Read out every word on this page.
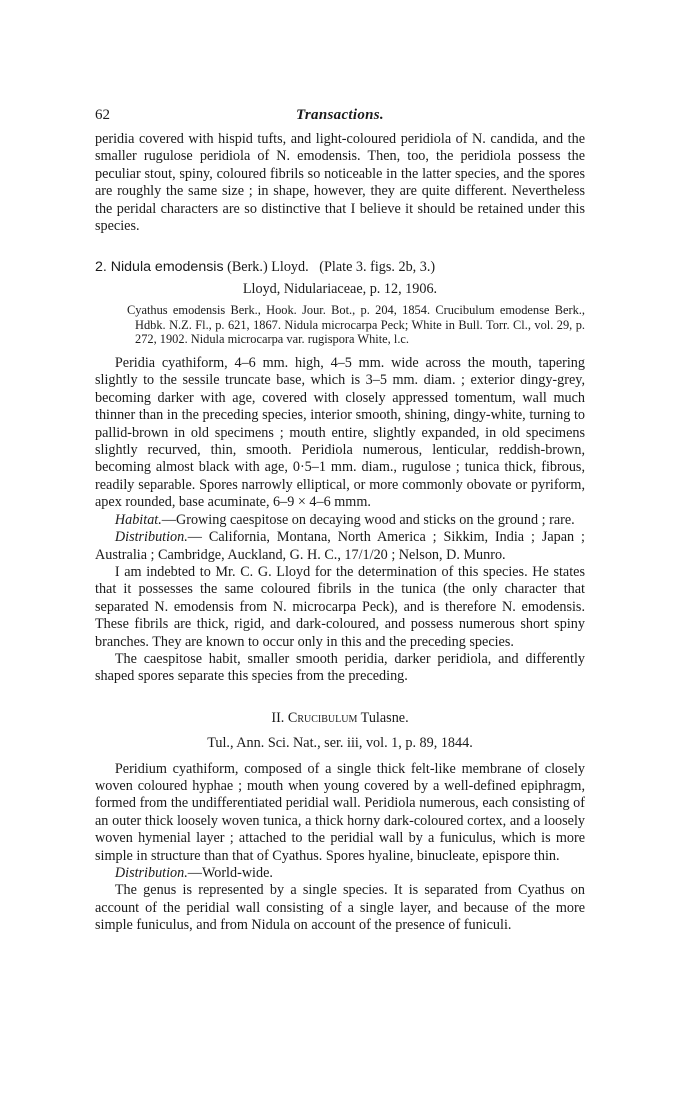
62	Transactions.

peridia covered with hispid tufts, and light-coloured peridiola of N. candida, and the smaller rugulose peridiola of N. emodensis. Then, too, the peridiola possess the peculiar stout, spiny, coloured fibrils so noticeable in the latter species, and the spores are roughly the same size ; in shape, however, they are quite different. Nevertheless the peridal characters are so distinctive that I believe it should be retained under this species.

2. Nidula emodensis (Berk.) Lloyd. (Plate 3. figs. 2b, 3.)

Lloyd, Nidulariaceae, p. 12, 1906.

Cyathus emodensis Berk., Hook. Jour. Bot., p. 204, 1854. Crucibulum emodense Berk., Hdbk. N.Z. Fl., p. 621, 1867. Nidula microcarpa Peck; White in Bull. Torr. Cl., vol. 29, p. 272, 1902. Nidula microcarpa var. rugispora White, l.c.

Peridia cyathiform, 4–6 mm. high, 4–5 mm. wide across the mouth, tapering slightly to the sessile truncate base, which is 3–5 mm. diam. ; exterior dingy-grey, becoming darker with age, covered with closely appressed tomentum, wall much thinner than in the preceding species, interior smooth, shining, dingy-white, turning to pallid-brown in old specimens ; mouth entire, slightly expanded, in old specimens slightly recurved, thin, smooth. Peridiola numerous, lenticular, reddish-brown, becoming almost black with age, 0·5–1 mm. diam., rugulose ; tunica thick, fibrous, readily separable. Spores narrowly elliptical, or more commonly obovate or pyriform, apex rounded, base acuminate, 6–9 × 4–6 mmm.

Habitat.—Growing caespitose on decaying wood and sticks on the ground ; rare.

Distribution.— California, Montana, North America ; Sikkim, India ; Japan ; Australia ; Cambridge, Auckland, G. H. C., 17/1/20 ; Nelson, D. Munro.

I am indebted to Mr. C. G. Lloyd for the determination of this species. He states that it possesses the same coloured fibrils in the tunica (the only character that separated N. emodensis from N. microcarpa Peck), and is therefore N. emodensis. These fibrils are thick, rigid, and dark-coloured, and possess numerous short spiny branches. They are known to occur only in this and the preceding species.

The caespitose habit, smaller smooth peridia, darker peridiola, and differently shaped spores separate this species from the preceding.

II. Crucibulum Tulasne.

Tul., Ann. Sci. Nat., ser. iii, vol. 1, p. 89, 1844.

Peridium cyathiform, composed of a single thick felt-like membrane of closely woven coloured hyphae ; mouth when young covered by a well-defined epiphragm, formed from the undifferentiated peridial wall. Peridiola numerous, each consisting of an outer thick loosely woven tunica, a thick horny dark-coloured cortex, and a loosely woven hymenial layer ; attached to the peridial wall by a funiculus, which is more simple in structure than that of Cyathus. Spores hyaline, binucleate, epispore thin.

Distribution.—World-wide.

The genus is represented by a single species. It is separated from Cyathus on account of the peridial wall consisting of a single layer, and because of the more simple funiculus, and from Nidula on account of the presence of funiculi.
